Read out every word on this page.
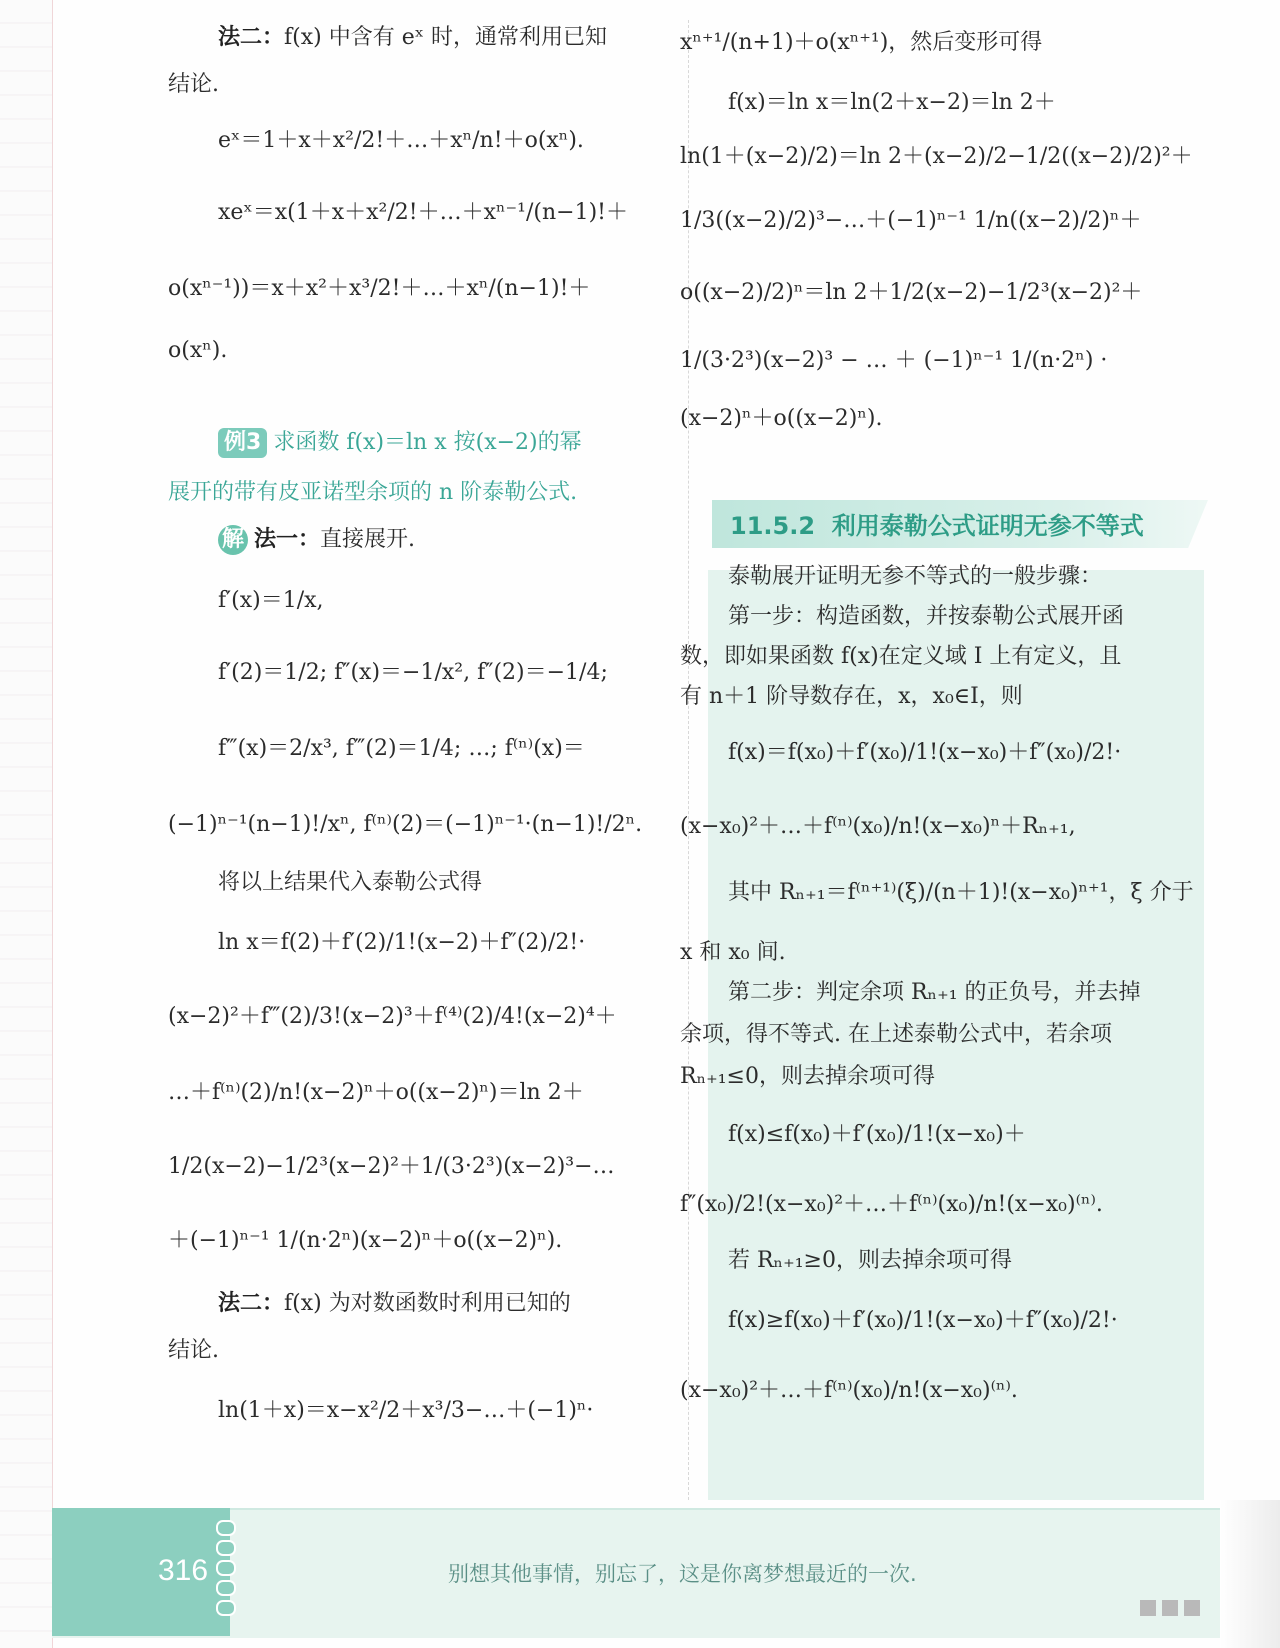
11.5.2 利用泰勒公式证明无参不等式
法二：f(x) 中含有 eˣ 时，通常利用已知
结论.
eˣ＝1＋x＋x²/2!＋…＋xⁿ/n!＋o(xⁿ).
xeˣ＝x(1＋x＋x²/2!＋…＋xⁿ⁻¹/(n−1)!＋
o(xⁿ⁻¹))＝x＋x²＋x³/2!＋…＋xⁿ/(n−1)!＋
o(xⁿ).
例3 求函数 f(x)＝ln x 按(x−2)的幂
展开的带有皮亚诺型余项的 n 阶泰勒公式.
解 法一：直接展开.
f′(x)＝1/x,
f′(2)＝1/2; f″(x)＝−1/x², f″(2)＝−1/4;
f‴(x)＝2/x³, f‴(2)＝1/4; …; f⁽ⁿ⁾(x)＝
(−1)ⁿ⁻¹(n−1)!/xⁿ, f⁽ⁿ⁾(2)＝(−1)ⁿ⁻¹·(n−1)!/2ⁿ.
将以上结果代入泰勒公式得
ln x＝f(2)＋f′(2)/1!(x−2)＋f″(2)/2!·
(x−2)²＋f‴(2)/3!(x−2)³＋f⁽⁴⁾(2)/4!(x−2)⁴＋
…＋f⁽ⁿ⁾(2)/n!(x−2)ⁿ＋o((x−2)ⁿ)＝ln 2＋
1/2(x−2)−1/2³(x−2)²＋1/(3·2³)(x−2)³−…
＋(−1)ⁿ⁻¹ 1/(n·2ⁿ)(x−2)ⁿ＋o((x−2)ⁿ).
法二：f(x) 为对数函数时利用已知的
结论.
ln(1＋x)＝x−x²/2＋x³/3−…＋(−1)ⁿ·
xⁿ⁺¹/(n+1)＋o(xⁿ⁺¹)，然后变形可得
f(x)＝ln x＝ln(2＋x−2)＝ln 2＋
ln(1＋(x−2)/2)＝ln 2＋(x−2)/2−1/2((x−2)/2)²＋
1/3((x−2)/2)³−…＋(−1)ⁿ⁻¹ 1/n((x−2)/2)ⁿ＋
o((x−2)/2)ⁿ＝ln 2＋1/2(x−2)−1/2³(x−2)²＋
1/(3·2³)(x−2)³ − … ＋ (−1)ⁿ⁻¹ 1/(n·2ⁿ) ·
(x−2)ⁿ＋o((x−2)ⁿ).
泰勒展开证明无参不等式的一般步骤：
第一步：构造函数，并按泰勒公式展开函
数，即如果函数 f(x)在定义域 I 上有定义，且
有 n＋1 阶导数存在，x，x₀∈I，则
f(x)＝f(x₀)＋f′(x₀)/1!(x−x₀)＋f″(x₀)/2!·
(x−x₀)²＋…＋f⁽ⁿ⁾(x₀)/n!(x−x₀)ⁿ＋Rₙ₊₁,
其中 Rₙ₊₁＝f⁽ⁿ⁺¹⁾(ξ)/(n＋1)!(x−x₀)ⁿ⁺¹，ξ 介于
x 和 x₀ 间.
第二步：判定余项 Rₙ₊₁ 的正负号，并去掉
余项，得不等式. 在上述泰勒公式中，若余项
Rₙ₊₁≤0，则去掉余项可得
f(x)≤f(x₀)＋f′(x₀)/1!(x−x₀)＋
f″(x₀)/2!(x−x₀)²＋…＋f⁽ⁿ⁾(x₀)/n!(x−x₀)⁽ⁿ⁾.
若 Rₙ₊₁≥0，则去掉余项可得
f(x)≥f(x₀)＋f′(x₀)/1!(x−x₀)＋f″(x₀)/2!·
(x−x₀)²＋…＋f⁽ⁿ⁾(x₀)/n!(x−x₀)⁽ⁿ⁾.
316	别想其他事情，别忘了，这是你离梦想最近的一次.
